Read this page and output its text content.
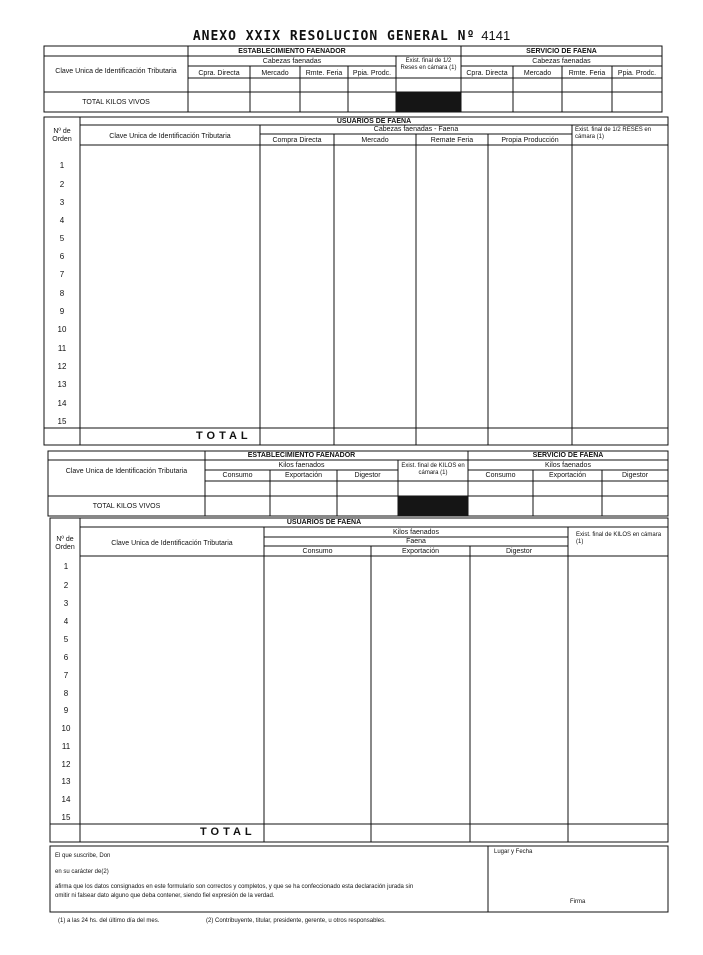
ANEXO XXIX RESOLUCION GENERAL Nº 4141
ESTABLECIMIENTO FAENADOR	SERVICIO DE FAENA
Cabezas faenadas	Cabezas faenadas
Clave Unica de Identificación Tributaria
Exist. final de 1/2 Reses en cámara (1)
Cpra. Directa	Mercado	Rmte. Feria	Ppia. Prodc.	Cpra. Directa	Mercado	Rmte. Feria	Ppia. Prodc.
TOTAL KILOS VIVOS
USUARIOS DE FAENA
Nº de Orden	Clave Unica de Identificación Tributaria
Cabezas faenadas - Faena
Compra Directa	Mercado	Remate Feria	Propia Producción
Exist. final de 1/2 RESES en cámara (1)
1
2
3
4
5
6
7
8
9
10
11
12
13
14
15
TOTAL
ESTABLECIMIENTO FAENADOR	SERVICIO DE FAENA
Kilos faenados	Kilos faenados
Clave Unica de Identificación Tributaria
Exist. final de KILOS en cámara (1)
Consumo	Exportación	Digestor	Consumo	Exportación	Digestor
TOTAL KILOS VIVOS
USUARIOS DE FAENA
Nº de Orden
Clave Unica de Identificación Tributaria
Kilos faenados
Faena
Consumo	Exportación	Digestor
Exist. final de KILOS en cámara (1)
1
2
3
4
5
6
7
8
9
10
11
12
13
14
15
TOTAL
El que suscribe, Don
en su carácter de(2)
afirma que los datos consignados en este formulario son correctos y completos, y que se ha confeccionado esta declaración jurada sin
omitir ni falsear dato alguno que deba contener, siendo fiel expresión de la verdad.
Lugar y Fecha
Firma
(1) a las 24 hs. del último día del mes.	(2) Contribuyente, titular, presidente, gerente, u otros responsables.
